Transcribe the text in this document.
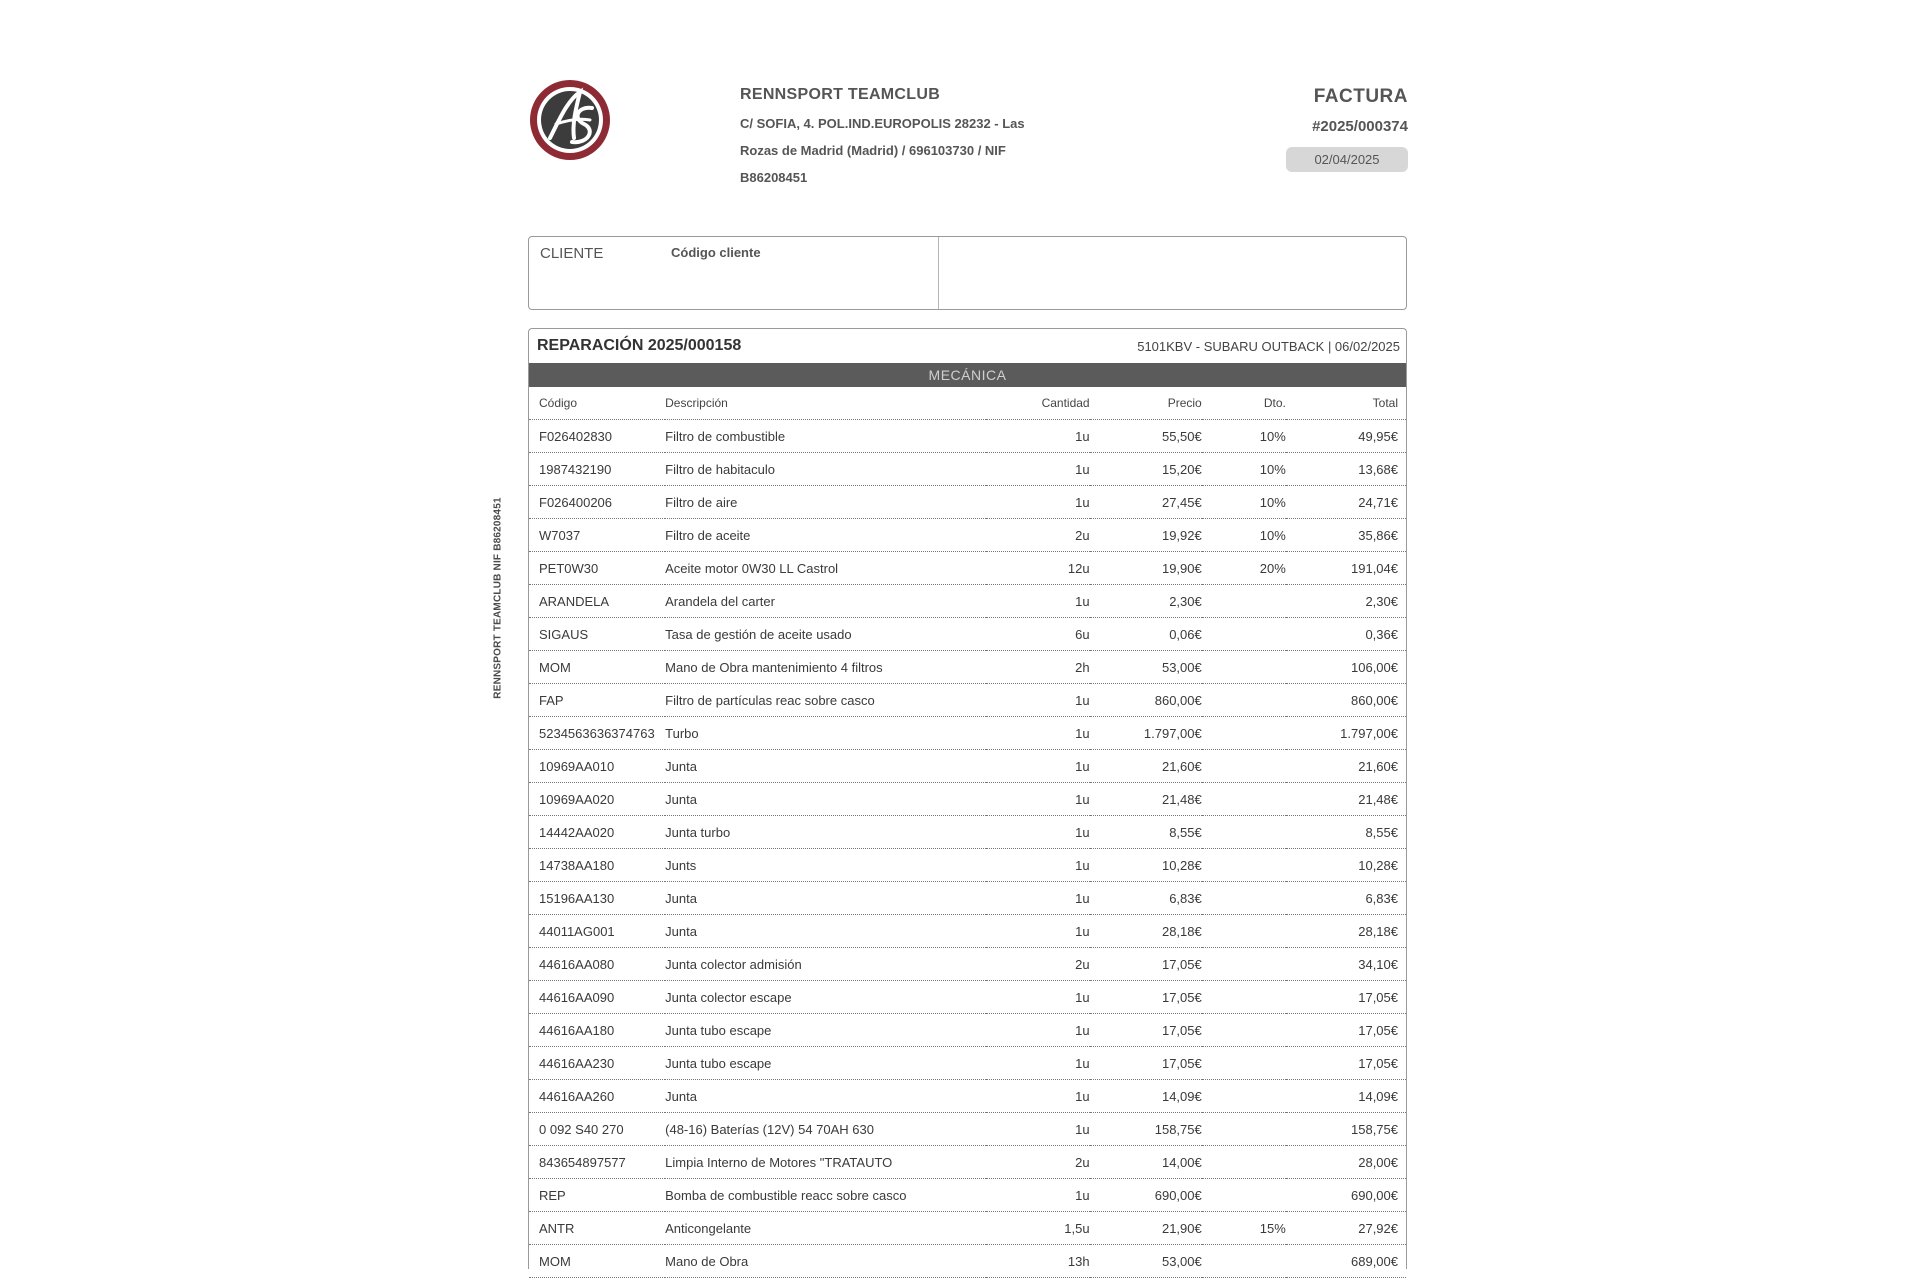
RENNSPORT TEAMCLUB NIF B86208451

RENNSPORT TEAMCLUB

C/ SOFIA, 4. POL.IND.EUROPOLIS 28232 - Las

Rozas de Madrid (Madrid) / 696103730 / NIF

B86208451

FACTURA
#2025/000374
02/04/2025
CLIENTE	Código cliente
REPARACIÓN 2025/000158	5101KBV - SUBARU OUTBACK | 06/02/2025
MECÁNICA
Código	Descripción	Cantidad	Precio	Dto.	Total
F026402830	Filtro de combustible	1u	55,50€	10%	49,95€
1987432190	Filtro de habitaculo	1u	15,20€	10%	13,68€
F026400206	Filtro de aire	1u	27,45€	10%	24,71€
W7037	Filtro de aceite	2u	19,92€	10%	35,86€
PET0W30	Aceite motor 0W30 LL Castrol	12u	19,90€	20%	191,04€
ARANDELA	Arandela del carter	1u	2,30€		2,30€
SIGAUS	Tasa de gestión de aceite usado	6u	0,06€		0,36€
MOM	Mano de Obra mantenimiento 4 filtros	2h	53,00€		106,00€
FAP	Filtro de partículas reac sobre casco	1u	860,00€		860,00€
5234563636374763	Turbo	1u	1.797,00€		1.797,00€
10969AA010	Junta	1u	21,60€		21,60€
10969AA020	Junta	1u	21,48€		21,48€
14442AA020	Junta turbo	1u	8,55€		8,55€
14738AA180	Junts	1u	10,28€		10,28€
15196AA130	Junta	1u	6,83€		6,83€
44011AG001	Junta	1u	28,18€		28,18€
44616AA080	Junta colector admisión	2u	17,05€		34,10€
44616AA090	Junta colector escape	1u	17,05€		17,05€
44616AA180	Junta tubo escape	1u	17,05€		17,05€
44616AA230	Junta tubo escape	1u	17,05€		17,05€
44616AA260	Junta	1u	14,09€		14,09€
0 092 S40 270	(48-16) Baterías (12V) 54 70AH 630	1u	158,75€		158,75€
843654897577	Limpia Interno de Motores "TRATAUTO	2u	14,00€		28,00€
REP	Bomba de combustible reacc sobre casco	1u	690,00€		690,00€
ANTR	Anticongelante	1,5u	21,90€	15%	27,92€
MOM	Mano de Obra	13h	53,00€		689,00€
